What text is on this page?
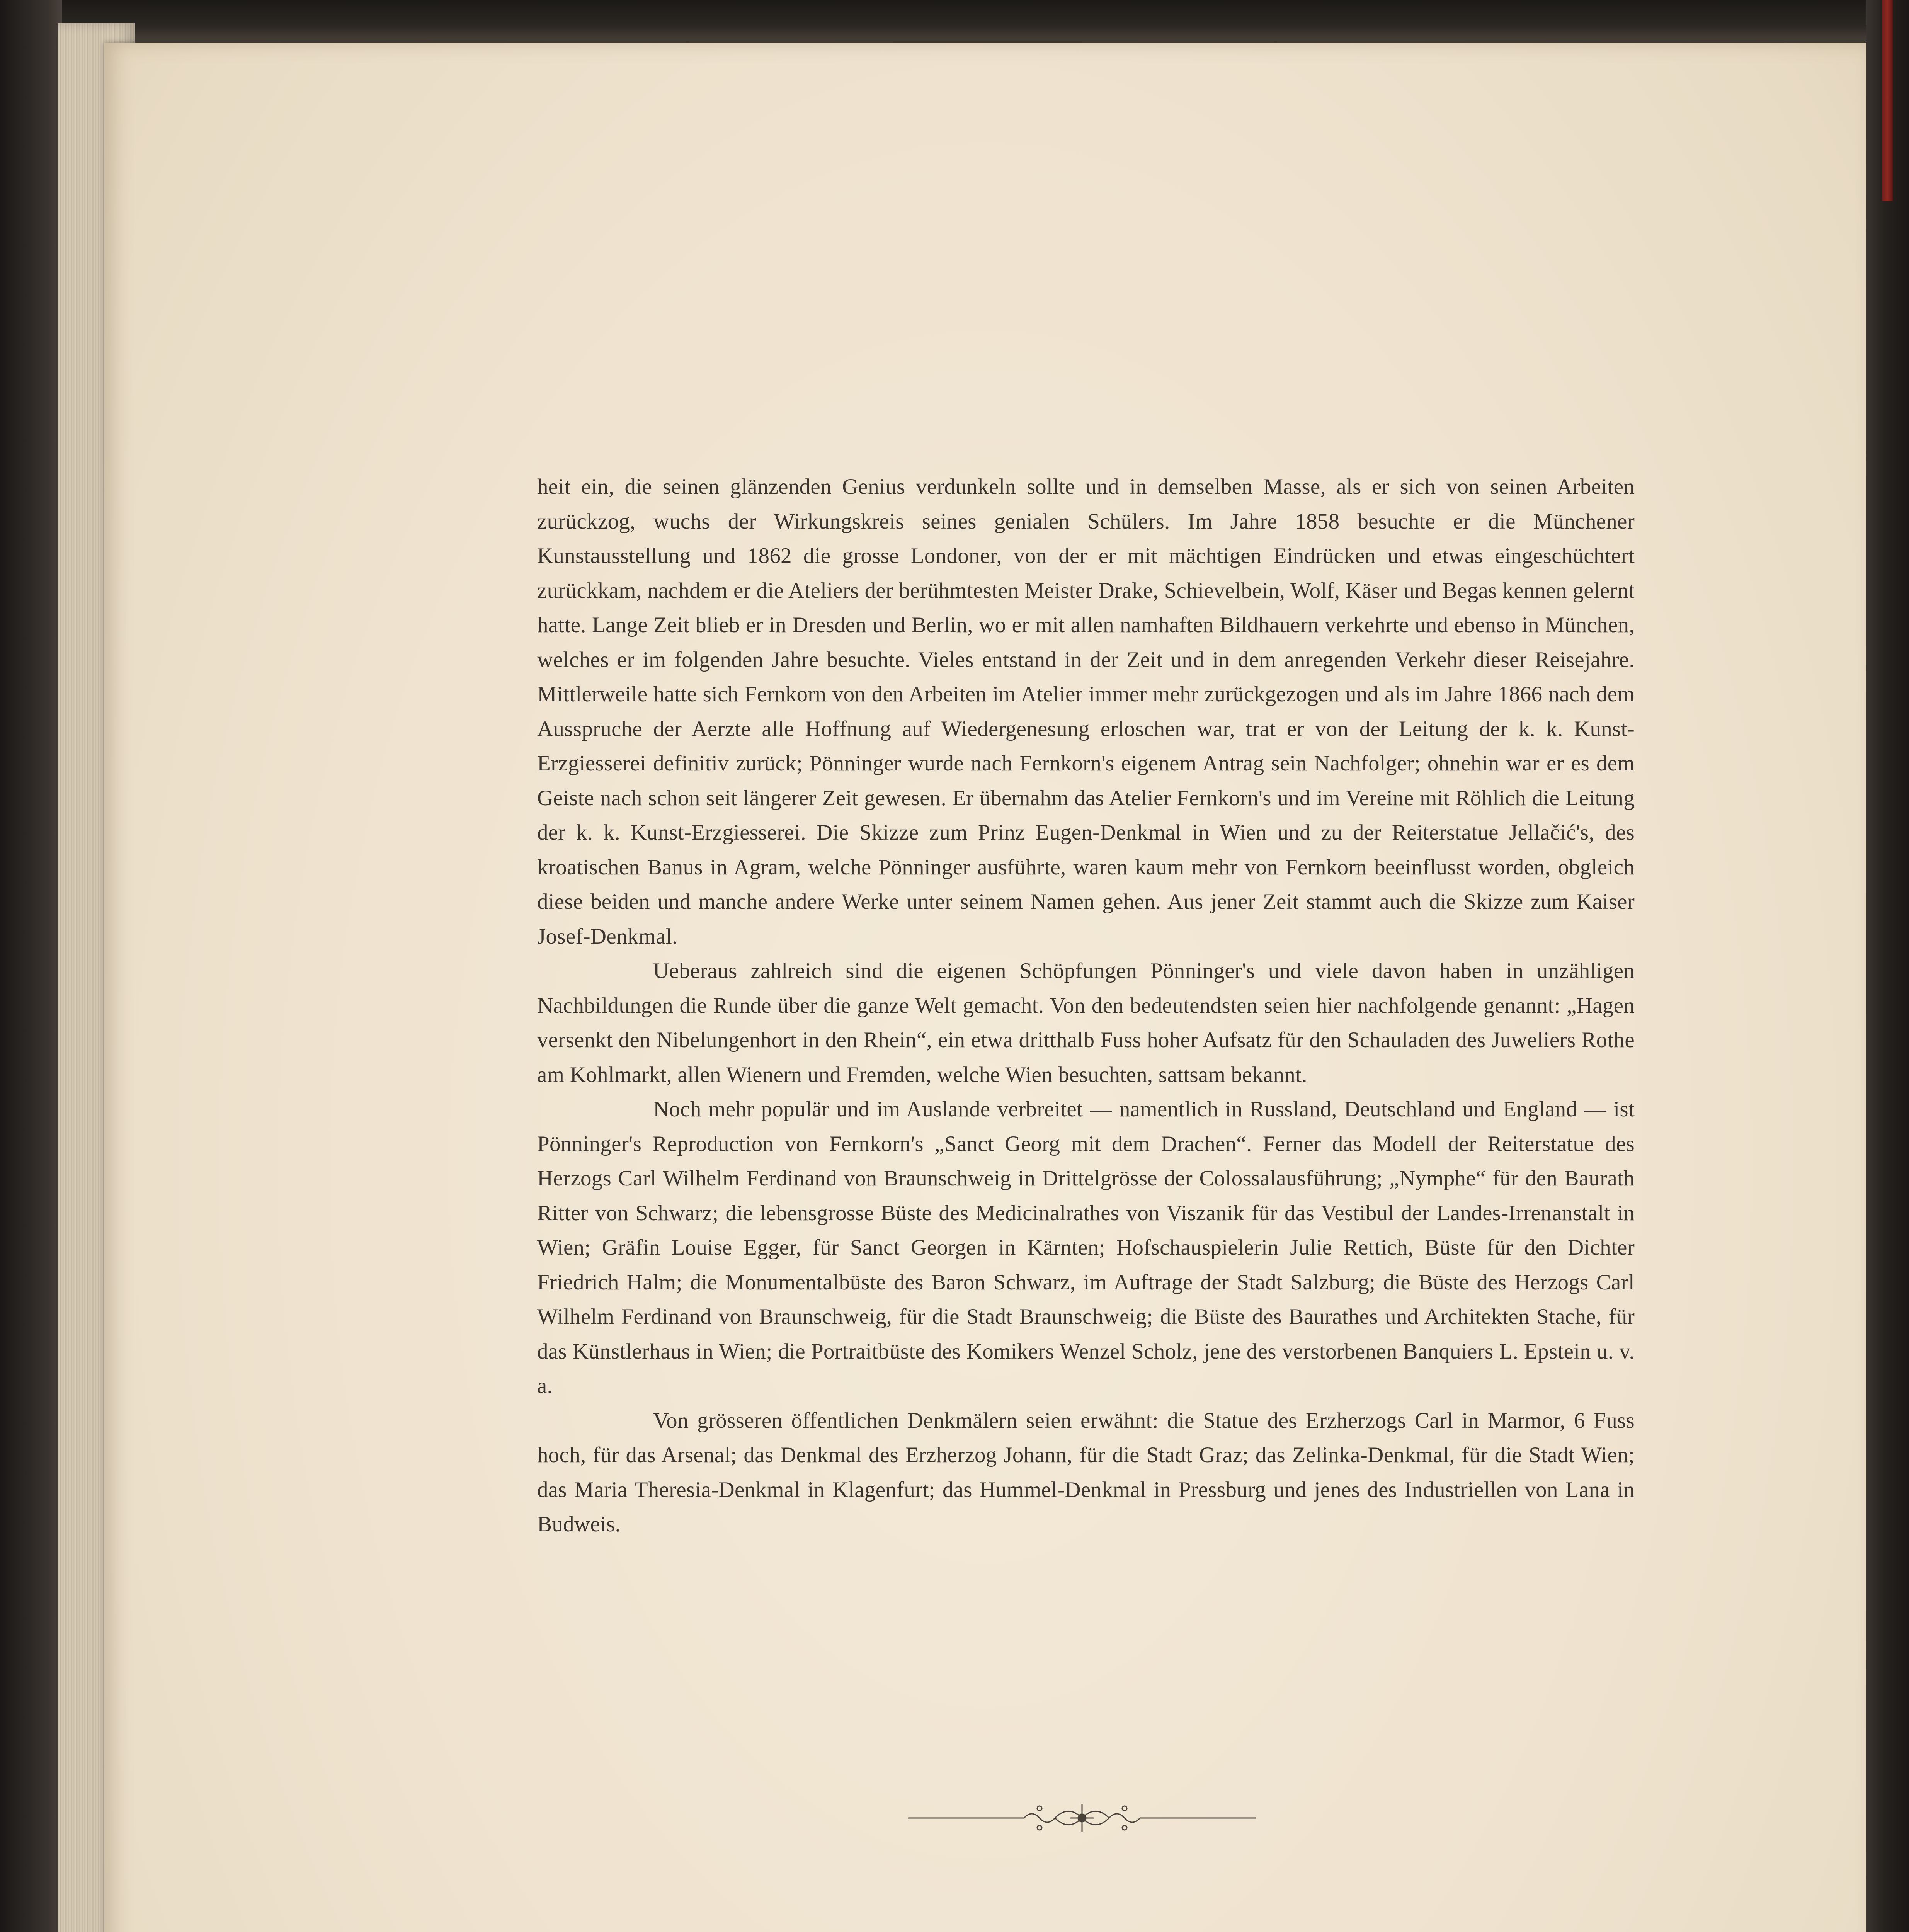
heit ein, die seinen glänzenden Genius verdunkeln sollte und in demselben Masse, als er sich von seinen Arbeiten zurückzog, wuchs der Wirkungskreis seines genialen Schülers. Im Jahre 1858 besuchte er die Münchener Kunstausstellung und 1862 die grosse Londoner, von der er mit mächtigen Eindrücken und etwas eingeschüchtert zurückkam, nachdem er die Ateliers der berühmtesten Meister Drake, Schievelbein, Wolf, Käser und Begas kennen gelernt hatte. Lange Zeit blieb er in Dresden und Berlin, wo er mit allen namhaften Bildhauern verkehrte und ebenso in München, welches er im folgenden Jahre besuchte. Vieles entstand in der Zeit und in dem anregenden Verkehr dieser Reisejahre. Mittlerweile hatte sich Fernkorn von den Arbeiten im Atelier immer mehr zurückgezogen und als im Jahre 1866 nach dem Ausspruche der Aerzte alle Hoffnung auf Wiedergenesung erloschen war, trat er von der Leitung der k. k. Kunst-Erzgiesserei definitiv zurück; Pönninger wurde nach Fernkorn's eigenem Antrag sein Nachfolger; ohnehin war er es dem Geiste nach schon seit längerer Zeit gewesen. Er übernahm das Atelier Fernkorn's und im Vereine mit Röhlich die Leitung der k. k. Kunst-Erzgiesserei. Die Skizze zum Prinz Eugen-Denkmal in Wien und zu der Reiterstatue Jellačić's, des kroatischen Banus in Agram, welche Pönninger ausführte, waren kaum mehr von Fernkorn beeinflusst worden, obgleich diese beiden und manche andere Werke unter seinem Namen gehen. Aus jener Zeit stammt auch die Skizze zum Kaiser Josef-Denkmal.

Ueberaus zahlreich sind die eigenen Schöpfungen Pönninger's und viele davon haben in unzähligen Nachbildungen die Runde über die ganze Welt gemacht. Von den bedeutendsten seien hier nachfolgende genannt: „Hagen versenkt den Nibelungenhort in den Rhein“, ein etwa dritthalb Fuss hoher Aufsatz für den Schauladen des Juweliers Rothe am Kohlmarkt, allen Wienern und Fremden, welche Wien besuchten, sattsam bekannt.

Noch mehr populär und im Auslande verbreitet — namentlich in Russland, Deutschland und England — ist Pönninger's Reproduction von Fernkorn's „Sanct Georg mit dem Drachen“. Ferner das Modell der Reiterstatue des Herzogs Carl Wilhelm Ferdinand von Braunschweig in Drittelgrösse der Colossalausführung; „Nymphe“ für den Baurath Ritter von Schwarz; die lebensgrosse Büste des Medicinalrathes von Viszanik für das Vestibul der Landes-Irrenanstalt in Wien; Gräfin Louise Egger, für Sanct Georgen in Kärnten; Hofschauspielerin Julie Rettich, Büste für den Dichter Friedrich Halm; die Monumentalbüste des Baron Schwarz, im Auftrage der Stadt Salzburg; die Büste des Herzogs Carl Wilhelm Ferdinand von Braunschweig, für die Stadt Braunschweig; die Büste des Baurathes und Architekten Stache, für das Künstlerhaus in Wien; die Portraitbüste des Komikers Wenzel Scholz, jene des verstorbenen Banquiers L. Epstein u. v. a.

Von grösseren öffentlichen Denkmälern seien erwähnt: die Statue des Erzherzogs Carl in Marmor, 6 Fuss hoch, für das Arsenal; das Denkmal des Erzherzog Johann, für die Stadt Graz; das Zelinka-Denkmal, für die Stadt Wien; das Maria Theresia-Denkmal in Klagenfurt; das Hummel-Denkmal in Pressburg und jenes des Industriellen von Lana in Budweis.
